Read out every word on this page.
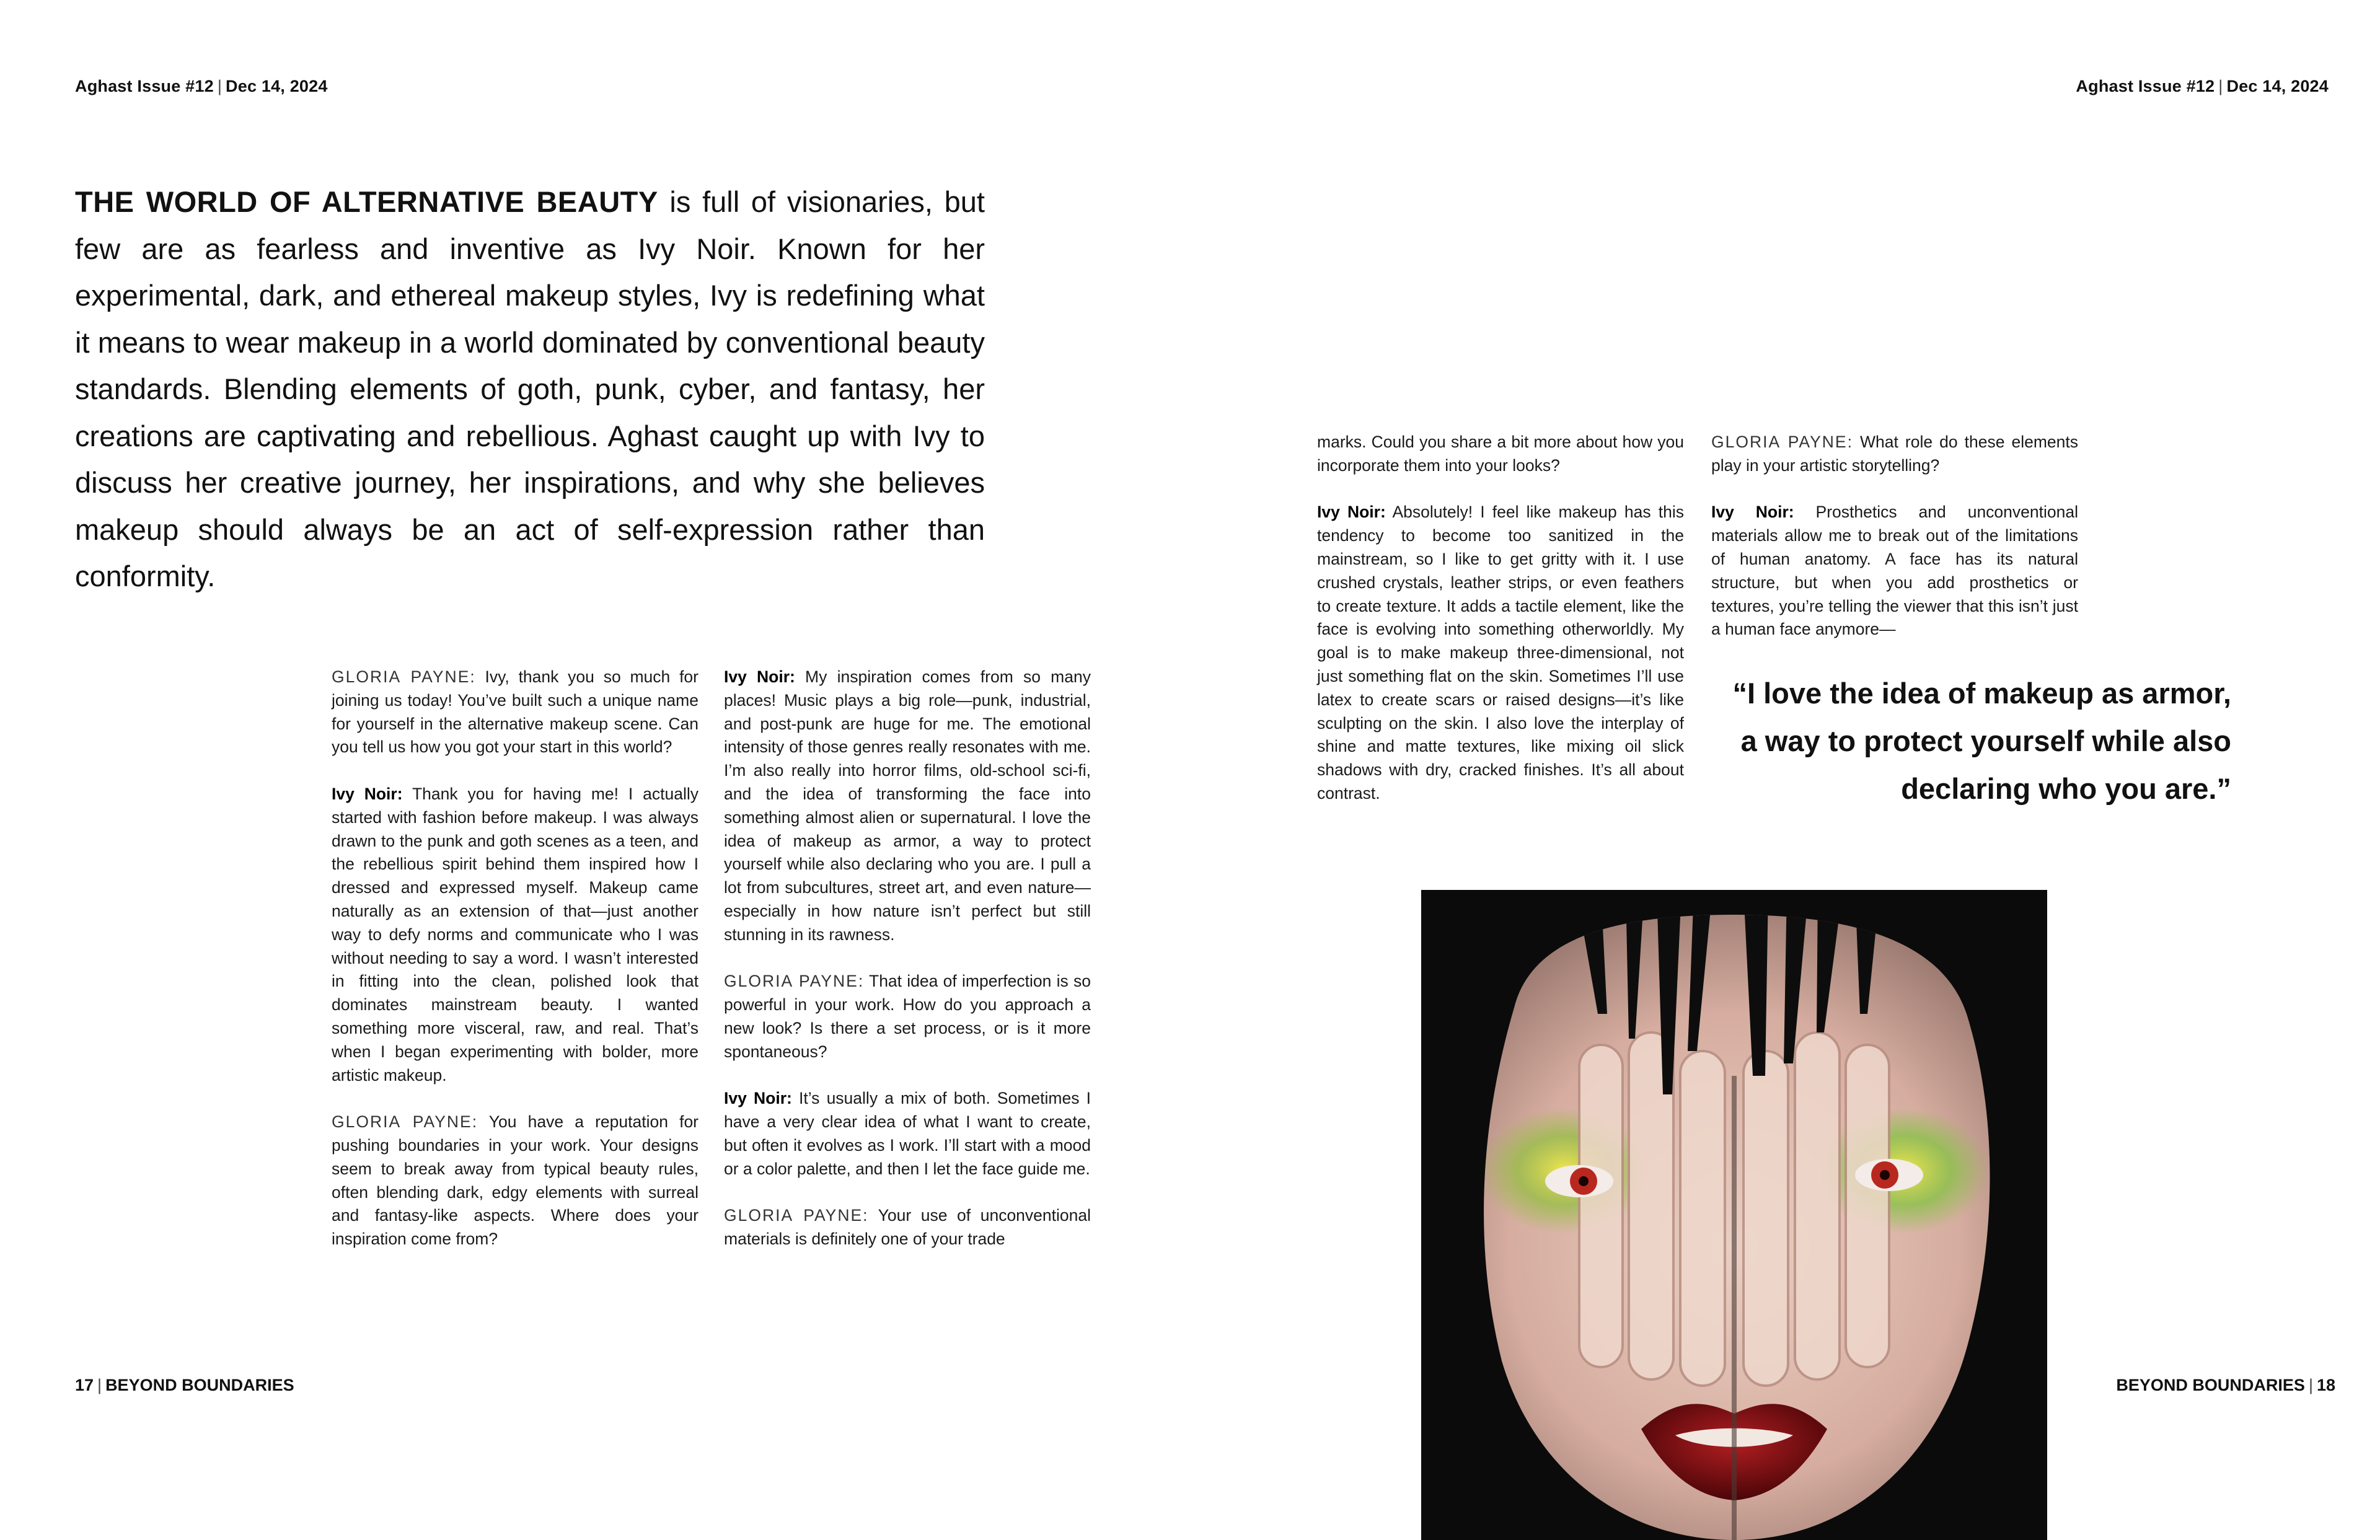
Aghast Issue #12 | Dec 14, 2024	Aghast Issue #12 | Dec 14, 2024
THE WORLD OF ALTERNATIVE BEAUTY is full of visionaries, but few are as fearless and inventive as Ivy Noir. Known for her experimental, dark, and ethereal makeup styles, Ivy is redefining what it means to wear makeup in a world dominated by conventional beauty standards. Blending elements of goth, punk, cyber, and fantasy, her creations are captivating and rebellious. Aghast caught up with Ivy to discuss her creative journey, her inspirations, and why she believes makeup should always be an act of self-expression rather than conformity.

GLORIA PAYNE: Ivy, thank you so much for joining us today! You’ve built such a unique name for yourself in the alternative makeup scene. Can you tell us how you got your start in this world?

Ivy Noir: Thank you for having me! I actually started with fashion before makeup. I was always drawn to the punk and goth scenes as a teen, and the rebellious spirit behind them inspired how I dressed and expressed myself. Makeup came naturally as an extension of that—just another way to defy norms and communicate who I was without needing to say a word. I wasn’t interested in fitting into the clean, polished look that dominates mainstream beauty. I wanted something more visceral, raw, and real. That’s when I began experimenting with bolder, more artistic makeup.

GLORIA PAYNE: You have a reputation for pushing boundaries in your work. Your designs seem to break away from typical beauty rules, often blending dark, edgy elements with surreal and fantasy-like aspects. Where does your inspiration come from?

Ivy Noir: My inspiration comes from so many places! Music plays a big role—punk, industrial, and post-punk are huge for me. The emotional intensity of those genres really resonates with me. I’m also really into horror films, old-school sci-fi, and the idea of transforming the face into something almost alien or supernatural. I love the idea of makeup as armor, a way to protect yourself while also declaring who you are. I pull a lot from subcultures, street art, and even nature—especially in how nature isn’t perfect but still stunning in its rawness.

GLORIA PAYNE: That idea of imperfection is so powerful in your work. How do you approach a new look? Is there a set process, or is it more spontaneous?

Ivy Noir: It’s usually a mix of both. Sometimes I have a very clear idea of what I want to create, but often it evolves as I work. I’ll start with a mood or a color palette, and then I let the face guide me.

GLORIA PAYNE: Your use of unconventional materials is definitely one of your trade

marks. Could you share a bit more about how you incorporate them into your looks?

Ivy Noir: Absolutely! I feel like makeup has this tendency to become too sanitized in the mainstream, so I like to get gritty with it. I use crushed crystals, leather strips, or even feathers to create texture. It adds a tactile element, like the face is evolving into something otherworldly. My goal is to make makeup three-dimensional, not just something flat on the skin. Sometimes I’ll use latex to create scars or raised designs—it’s like sculpting on the skin. I also love the interplay of shine and matte textures, like mixing oil slick shadows with dry, cracked finishes. It’s all about contrast.

GLORIA PAYNE: What role do these elements play in your artistic storytelling?

Ivy Noir: Prosthetics and unconventional materials allow me to break out of the limitations of human anatomy. A face has its natural structure, but when you add prosthetics or textures, you’re telling the viewer that this isn’t just a human face anymore—

“I love the idea of makeup as armor,
a way to protect yourself while also
declaring who you are.”
17 | BEYOND BOUNDARIES	BEYOND BOUNDARIES | 18
